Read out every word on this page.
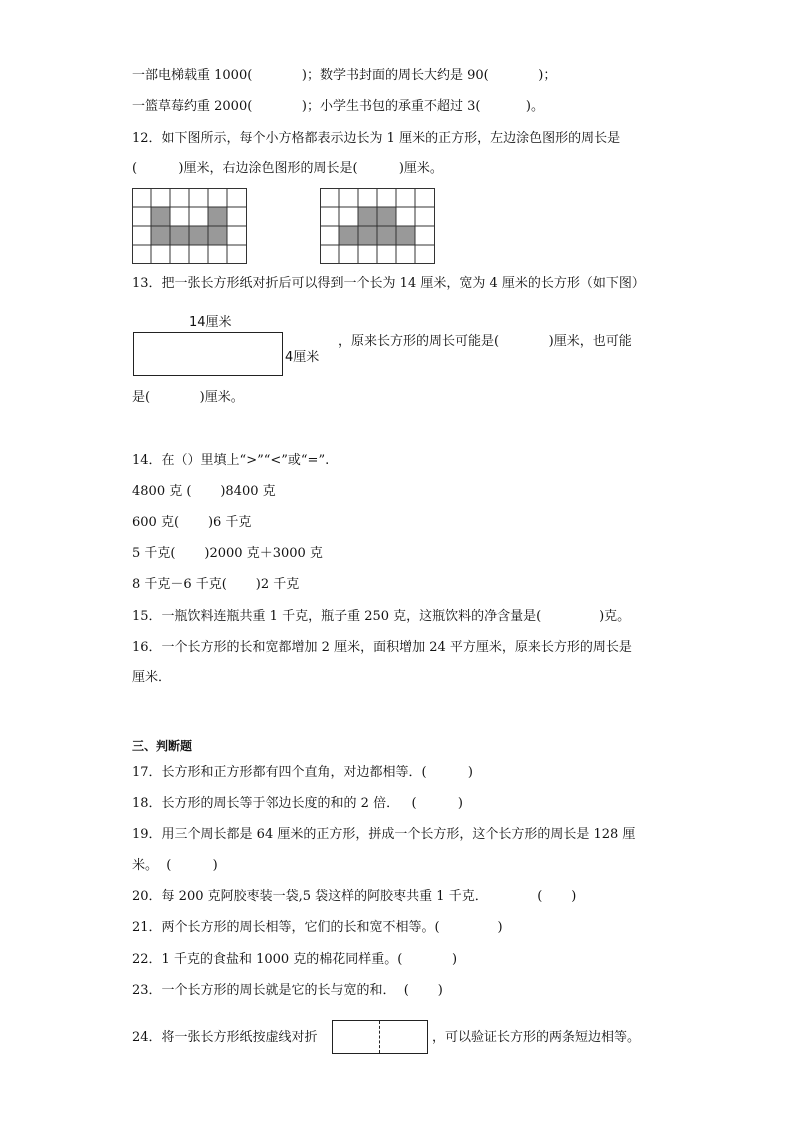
一部电梯载重 1000(            )；数学书封面的周长大约是 90(            )；
一篮草莓约重 2000(            )；小学生书包的承重不超过 3(           )。
12．如下图所示，每个小方格都表示边长为 1 厘米的正方形，左边涂色图形的周长是
(          )厘米，右边涂色图形的周长是(          )厘米。
13．把一张长方形纸对折后可以得到一个长为 14 厘米，宽为 4 厘米的长方形（如下图）
14厘米
4厘米
，原来长方形的周长可能是(            )厘米，也可能
是(            )厘米。
14．在（）里填上“>”“<”或“=”.
4800 克 (       )8400 克
600 克(       )6 千克
5 千克(       )2000 克＋3000 克
8 千克－6 千克(       )2 千克
15．一瓶饮料连瓶共重 1 千克，瓶子重 250 克，这瓶饮料的净含量是(              )克。
16．一个长方形的长和宽都增加 2 厘米，面积增加 24 平方厘米，原来长方形的周长是
厘米．
三、判断题
17．长方形和正方形都有四个直角，对边都相等．(          )
18．长方形的周长等于邻边长度的和的 2 倍．   (          )
19．用三个周长都是 64 厘米的正方形，拼成一个长方形，这个长方形的周长是 128 厘
米。  (          )
20．每 200 克阿胶枣装一袋,5 袋这样的阿胶枣共重 1 千克．            (       )
21．两个长方形的周长相等，它们的长和宽不相等。(              )
22．1 千克的食盐和 1000 克的棉花同样重。(            )
23．一个长方形的周长就是它的长与宽的和．  (       )
24．将一张长方形纸按虚线对折	，可以验证长方形的两条短边相等。
